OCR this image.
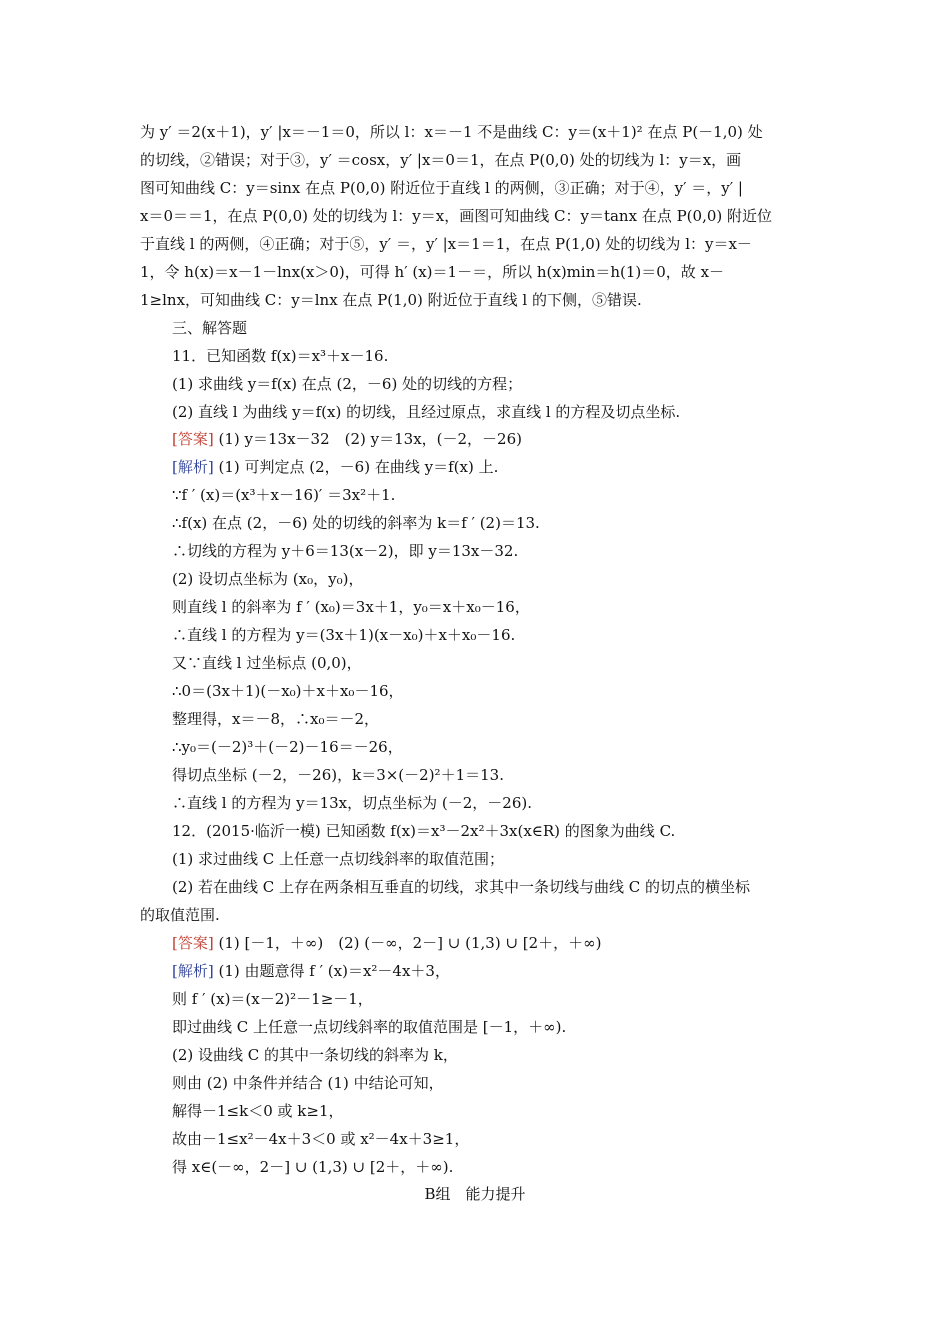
为 y′ ＝2(x＋1)，y′ |x＝－1＝0，所以 l：x＝－1 不是曲线 C：y＝(x＋1)² 在点 P(－1,0) 处
的切线，②错误；对于③，y′ ＝cosx，y′ |x＝0＝1，在点 P(0,0) 处的切线为 l：y＝x，画
图可知曲线 C：y＝sinx 在点 P(0,0) 附近位于直线 l 的两侧，③正确；对于④，y′ ＝，y′ |
x＝0＝＝1，在点 P(0,0) 处的切线为 l：y＝x，画图可知曲线 C：y＝tanx 在点 P(0,0) 附近位
于直线 l 的两侧，④正确；对于⑤，y′ ＝，y′ |x＝1＝1，在点 P(1,0) 处的切线为 l：y＝x－
1，令 h(x)＝x－1－lnx(x＞0)，可得 h′ (x)＝1－＝，所以 h(x)min＝h(1)＝0，故 x－
1≥lnx，可知曲线 C：y＝lnx 在点 P(1,0) 附近位于直线 l 的下侧，⑤错误.
三、解答题
11．已知函数 f(x)＝x³＋x－16.
(1) 求曲线 y＝f(x) 在点 (2，－6) 处的切线的方程；
(2) 直线 l 为曲线 y＝f(x) 的切线，且经过原点，求直线 l 的方程及切点坐标.
[答案] (1) y＝13x－32　(2) y＝13x，(－2，－26)
[解析] (1) 可判定点 (2，－6) 在曲线 y＝f(x) 上.
∵f ′ (x)＝(x³＋x－16)′ ＝3x²＋1.
∴f(x) 在点 (2，－6) 处的切线的斜率为 k＝f ′ (2)＝13.
∴切线的方程为 y＋6＝13(x－2)，即 y＝13x－32.
(2) 设切点坐标为 (x₀，y₀)，
则直线 l 的斜率为 f ′ (x₀)＝3x＋1，y₀＝x＋x₀－16，
∴直线 l 的方程为 y＝(3x＋1)(x－x₀)＋x＋x₀－16.
又∵直线 l 过坐标点 (0,0)，
∴0＝(3x＋1)(－x₀)＋x＋x₀－16，
整理得，x＝－8，∴x₀＝－2，
∴y₀＝(－2)³＋(－2)－16＝－26，
得切点坐标 (－2，－26)，k＝3×(－2)²＋1＝13.
∴直线 l 的方程为 y＝13x，切点坐标为 (－2，－26).
12．(2015·临沂一模) 已知函数 f(x)＝x³－2x²＋3x(x∈R) 的图象为曲线 C.
(1) 求过曲线 C 上任意一点切线斜率的取值范围；
(2) 若在曲线 C 上存在两条相互垂直的切线，求其中一条切线与曲线 C 的切点的横坐标
的取值范围.
[答案] (1) [－1，＋∞)　(2) (－∞，2－] ∪ (1,3) ∪ [2＋，＋∞)
[解析] (1) 由题意得 f ′ (x)＝x²－4x＋3，
则 f ′ (x)＝(x－2)²－1≥－1，
即过曲线 C 上任意一点切线斜率的取值范围是 [－1，＋∞).
(2) 设曲线 C 的其中一条切线的斜率为 k，
则由 (2) 中条件并结合 (1) 中结论可知，
解得－1≤k＜0 或 k≥1，
故由－1≤x²－4x＋3＜0 或 x²－4x＋3≥1，
得 x∈(－∞，2－] ∪ (1,3) ∪ [2＋，＋∞).
B组　能力提升
